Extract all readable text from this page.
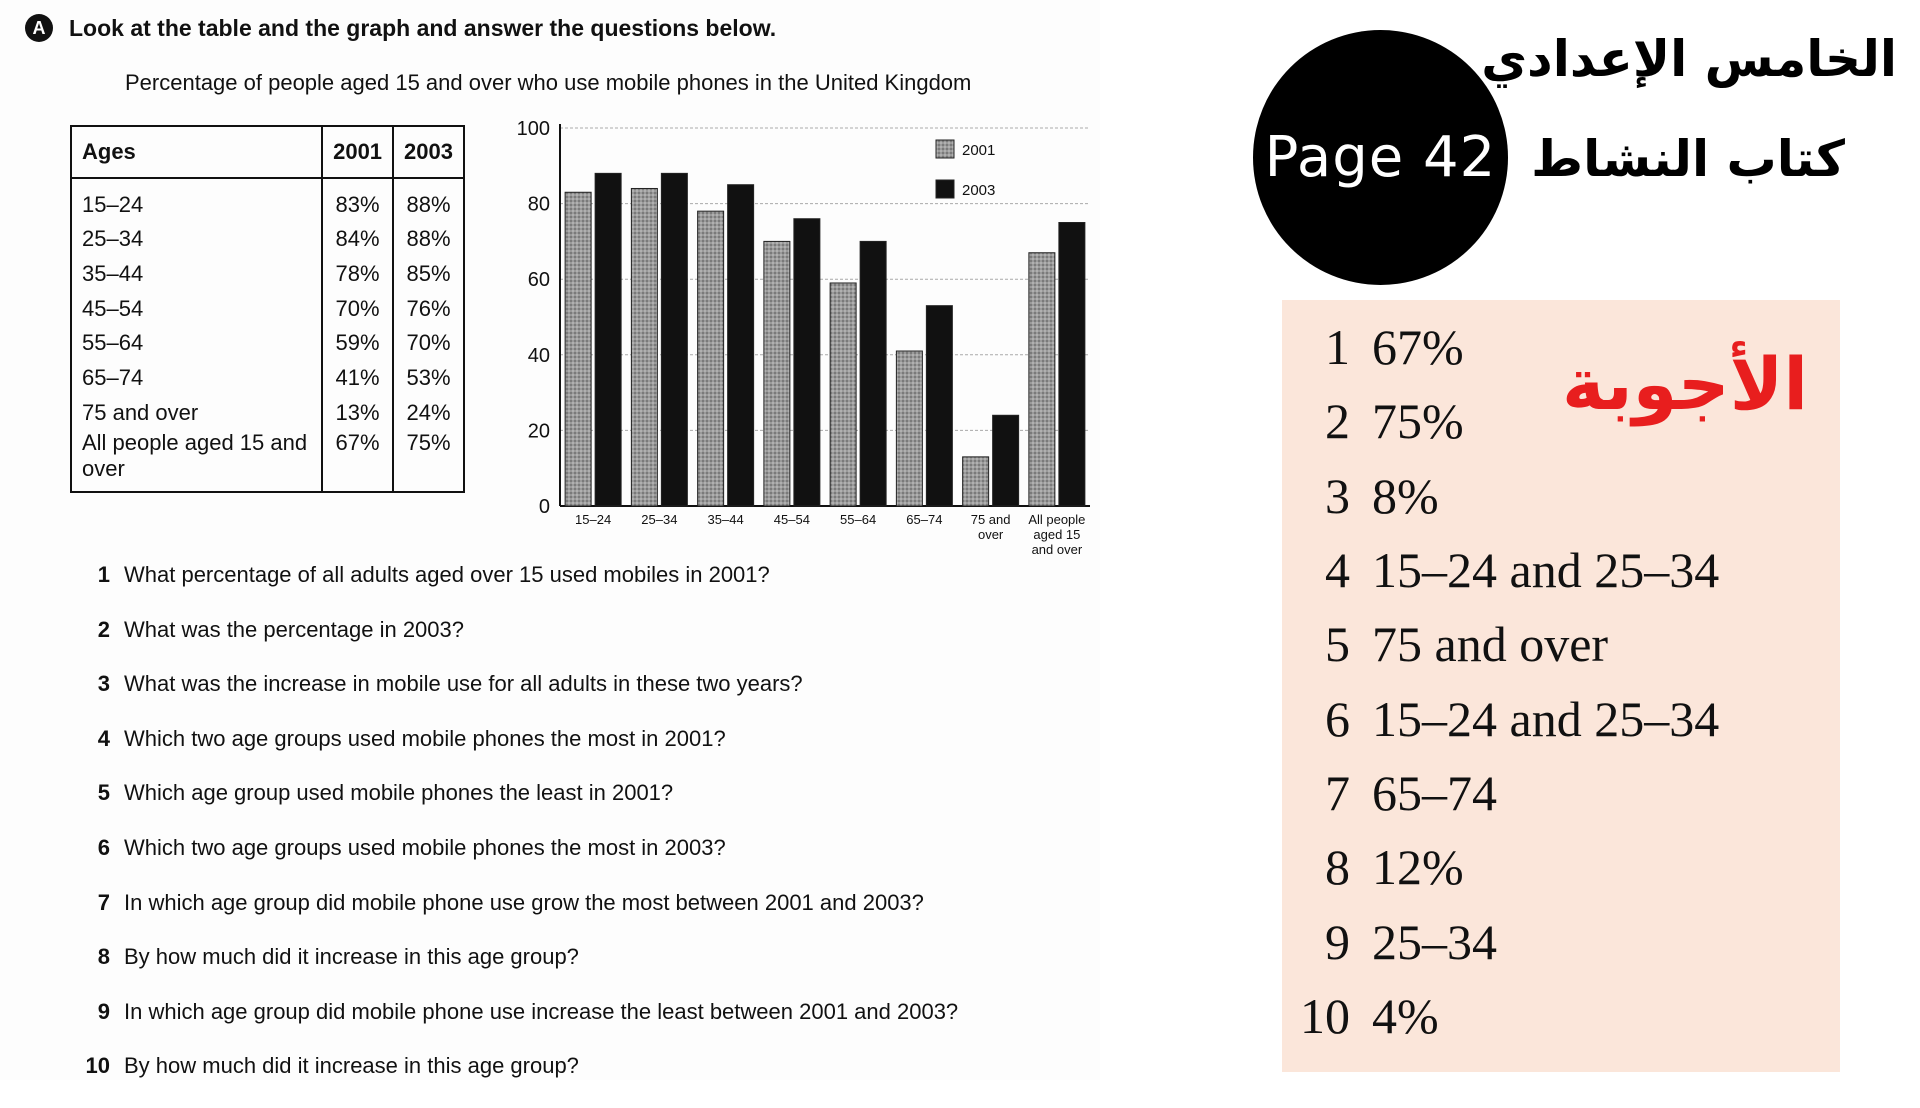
A	Look at the table and the graph and answer the questions below.
Percentage of people aged 15 and over who use mobile phones in the United Kingdom
Ages	2001	2003
15–24	83%	88%
25–34	84%	88%
35–44	78%	85%
45–54	70%	76%
55–64	59%	70%
65–74	41%	53%
75 and over	13%	24%
All people aged 15 and over	67%	75%
0
20
40
60
80
100
15–24 25–34 35–44 45–54 55–64 65–74 75 and over
All people aged 15 and over
2001
2003
1 What percentage of all adults aged over 15 used mobiles in 2001?
2 What was the percentage in 2003?
3 What was the increase in mobile use for all adults in these two years?
4 Which two age groups used mobile phones the most in 2001?
5 Which age group used mobile phones the least in 2001?
6 Which two age groups used mobile phones the most in 2003?
7 In which age group did mobile phone use grow the most between 2001 and 2003?
8 By how much did it increase in this age group?
9 In which age group did mobile phone use increase the least between 2001 and 2003?
10 By how much did it increase in this age group?
Page 42
الخامس الإعدادي
كتاب النشاط
الأجوبة
1 67%
2 75%
3 8%
4 15–24 and 25–34
5 75 and over
6 15–24 and 25–34
7 65–74
8 12%
9 25–34
10 4%
